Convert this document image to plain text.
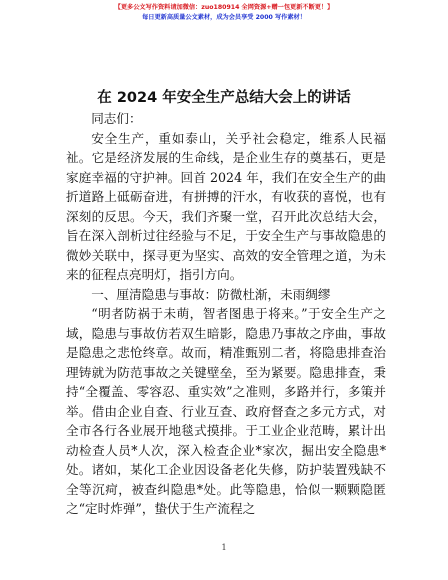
【更多公文写作资料请加微信：zuo180914 全网资源+赠一包更新不断更！】
每日更新高质量公文素材，成为会员享受 2000 写作素材！
在 2024 年安全生产总结大会上的讲话

同志们：

安全生产，重如泰山，关乎社会稳定，维系人民福祉。它是经济发展的生命线，是企业生存的奠基石，更是家庭幸福的守护神。回首 2024 年，我们在安全生产的曲折道路上砥砺奋进，有拼搏的汗水，有收获的喜悦，也有深刻的反思。今天，我们齐聚一堂，召开此次总结大会，旨在深入剖析过往经验与不足，于安全生产与事故隐患的微妙关联中，探寻更为坚实、高效的安全管理之道，为未来的征程点亮明灯，指引方向。

一、厘清隐患与事故：防微杜渐，未雨绸缪

“明者防祸于未萌，智者图患于将来。”于安全生产之域，隐患与事故仿若双生暗影，隐患乃事故之序曲，事故是隐患之悲怆终章。故而，精准甄别二者，将隐患排查治理铸就为防范事故之关键壁垒，至为紧要。隐患排查，秉持“全覆盖、零容忍、重实效”之准则，多路并行，多策并举。借由企业自查、行业互查、政府督查之多元方式，对全市各行各业展开地毯式摸排。于工业企业范畴，累计出动检查人员*人次，深入检查企业*家次，掘出安全隐患*处。诸如，某化工企业因设备老化失修，防护装置残缺不全等沉疴，被查纠隐患*处。此等隐患，恰似一颗颗隐匿之“定时炸弹”，蛰伏于生产流程之

1
